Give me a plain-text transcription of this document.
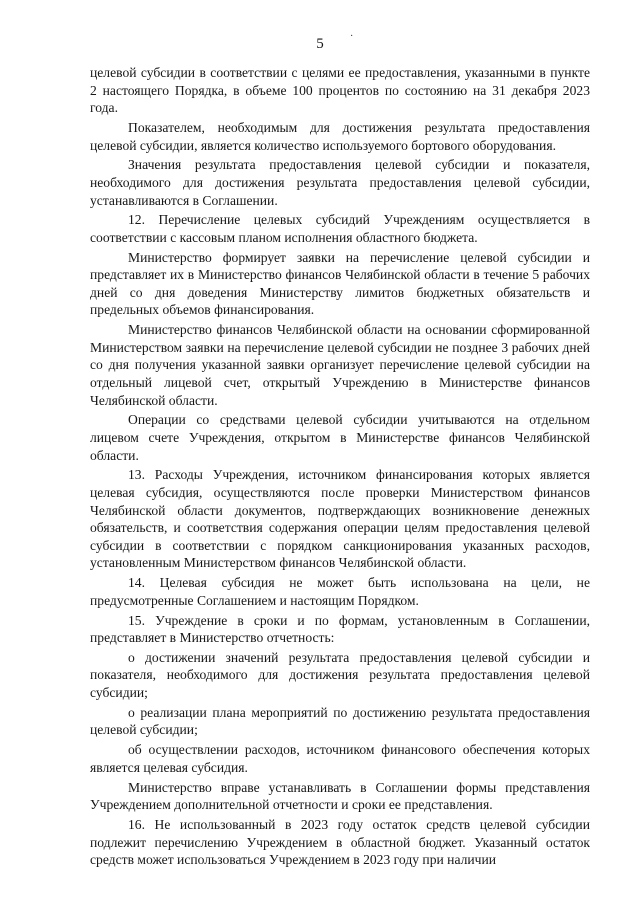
5	·

целевой субсидии в соответствии с целями ее предоставления, указанными в пункте 2 настоящего Порядка, в объеме 100 процентов по состоянию на 31 декабря 2023 года.

Показателем, необходимым для достижения результата предоставления целевой субсидии, является количество используемого бортового оборудования.

Значения результата предоставления целевой субсидии и показателя, необходимого для достижения результата предоставления целевой субсидии, устанавливаются в Соглашении.

12. Перечисление целевых субсидий Учреждениям осуществляется в соответствии с кассовым планом исполнения областного бюджета.

Министерство формирует заявки на перечисление целевой субсидии и представляет их в Министерство финансов Челябинской области в течение 5 рабочих дней со дня доведения Министерству лимитов бюджетных обязательств и предельных объемов финансирования.

Министерство финансов Челябинской области на основании сформированной Министерством заявки на перечисление целевой субсидии не позднее 3 рабочих дней со дня получения указанной заявки организует перечисление целевой субсидии на отдельный лицевой счет, открытый Учреждению в Министерстве финансов Челябинской области.

Операции со средствами целевой субсидии учитываются на отдельном лицевом счете Учреждения, открытом в Министерстве финансов Челябинской области.

13. Расходы Учреждения, источником финансирования которых является целевая субсидия, осуществляются после проверки Министерством финансов Челябинской области документов, подтверждающих возникновение денежных обязательств, и соответствия содержания операции целям предоставления целевой субсидии в соответствии с порядком санкционирования указанных расходов, установленным Министерством финансов Челябинской области.

14. Целевая субсидия не может быть использована на цели, не предусмотренные Соглашением и настоящим Порядком.

15. Учреждение в сроки и по формам, установленным в Соглашении, представляет в Министерство отчетность:

о достижении значений результата предоставления целевой субсидии и показателя, необходимого для достижения результата предоставления целевой субсидии;

о реализации плана мероприятий по достижению результата предоставления целевой субсидии;

об осуществлении расходов, источником финансового обеспечения которых является целевая субсидия.

Министерство вправе устанавливать в Соглашении формы представления Учреждением дополнительной отчетности и сроки ее представления.

16. Не использованный в 2023 году остаток средств целевой субсидии подлежит перечислению Учреждением в областной бюджет. Указанный остаток средств может использоваться Учреждением в 2023 году при наличии
